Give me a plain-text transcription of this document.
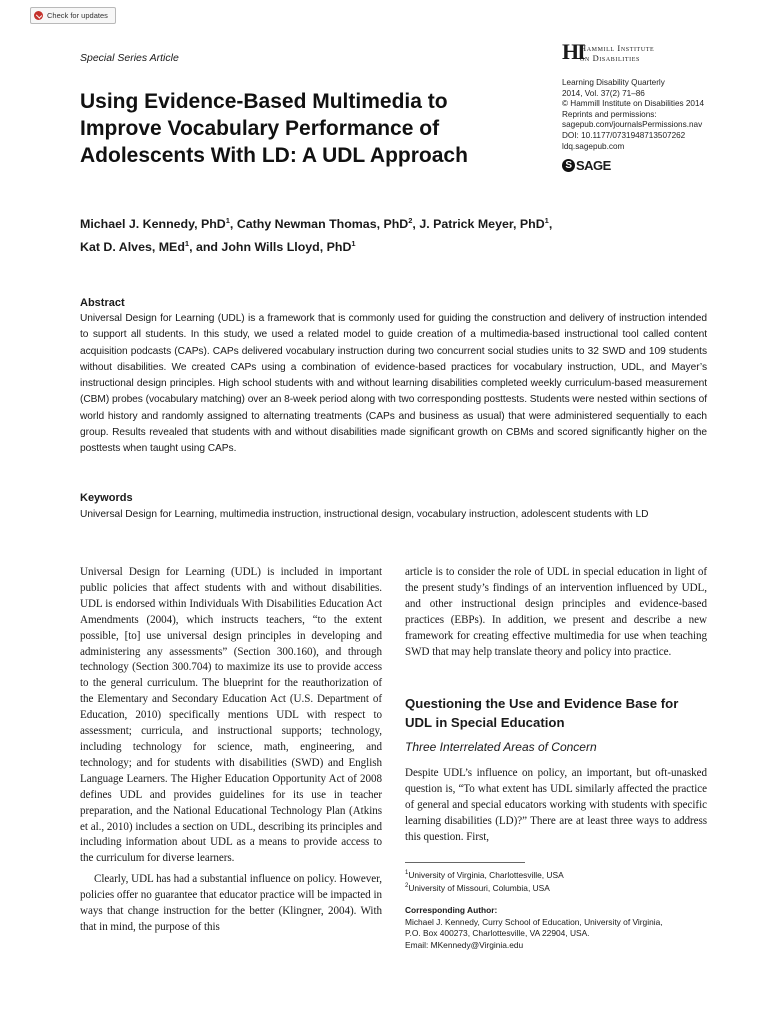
Check for updates
Special Series Article	HI
Hammill Institute
on Disabilities
Learning Disability Quarterly
2014, Vol. 37(2) 71–86
© Hammill Institute on Disabilities 2014
Reprints and permissions:
sagepub.com/journalsPermissions.nav
DOI: 10.1177/0731948713507262
ldq.sagepub.com
S SAGE
Using Evidence-Based Multimedia to Improve Vocabulary Performance of Adolescents With LD: A UDL Approach
Michael J. Kennedy, PhD$^1$, Cathy Newman Thomas, PhD$^2$, J. Patrick Meyer, PhD$^1$,
Kat D. Alves, MEd$^1$, and John Wills Lloyd, PhD$^1$
Abstract
Universal Design for Learning (UDL) is a framework that is commonly used for guiding the construction and delivery of instruction intended to support all students. In this study, we used a related model to guide creation of a multimedia-based instructional tool called content acquisition podcasts (CAPs). CAPs delivered vocabulary instruction during two concurrent social studies units to 32 SWD and 109 students without disabilities. We created CAPs using a combination of evidence-based practices for vocabulary instruction, UDL, and Mayer’s instructional design principles. High school students with and without learning disabilities completed weekly curriculum-based measurement (CBM) probes (vocabulary matching) over an 8-week period along with two corresponding posttests. Students were nested within sections of world history and randomly assigned to alternating treatments (CAPs and business as usual) that were administered sequentially to each group. Results revealed that students with and without disabilities made significant growth on CBMs and scored significantly higher on the posttests when taught using CAPs.
Keywords
Universal Design for Learning, multimedia instruction, instructional design, vocabulary instruction, adolescent students with LD

Universal Design for Learning (UDL) is included in important public policies that affect students with and without disabilities. UDL is endorsed within Individuals With Disabilities Education Act Amendments (2004), which instructs teachers, “to the extent possible, [to] use universal design principles in developing and administering any assessments” (Section 300.160), and through technology (Section 300.704) to maximize its use to provide access to the general curriculum. The blueprint for the reauthorization of the Elementary and Secondary Education Act (U.S. Department of Education, 2010) specifically mentions UDL with respect to assessment; curricula, and instructional supports; technology, including technology for science, math, engineering, and technology; and for students with disabilities (SWD) and English Language Learners. The Higher Education Opportunity Act of 2008 defines UDL and provides guidelines for its use in teacher preparation, and the National Educational Technology Plan (Atkins et al., 2010) includes a section on UDL, describing its principles and including information about UDL as a means to provide access to the curriculum for diverse learners.

Clearly, UDL has had a substantial influence on policy. However, policies offer no guarantee that educator practice will be impacted in ways that change instruction for the better (Klingner, 2004). With that in mind, the purpose of this

article is to consider the role of UDL in special education in light of the present study’s findings of an intervention influenced by UDL, and other instructional design principles and evidence-based practices (EBPs). In addition, we present and describe a new framework for creating effective multimedia for use when teaching SWD that may help translate theory and policy into practice.

Questioning the Use and Evidence Base for UDL in Special Education
Three Interrelated Areas of Concern

Despite UDL’s influence on policy, an important, but oft-unasked question is, “To what extent has UDL similarly affected the practice of general and special educators working with students with specific learning disabilities (LD)?” There are at least three ways to address this question. First,

$^1$University of Virginia, Charlottesville, USA
$^2$University of Missouri, Columbia, USA
Corresponding Author:
Michael J. Kennedy, Curry School of Education, University of Virginia,
P.O. Box 400273, Charlottesville, VA 22904, USA.
Email: MKennedy@Virginia.edu
